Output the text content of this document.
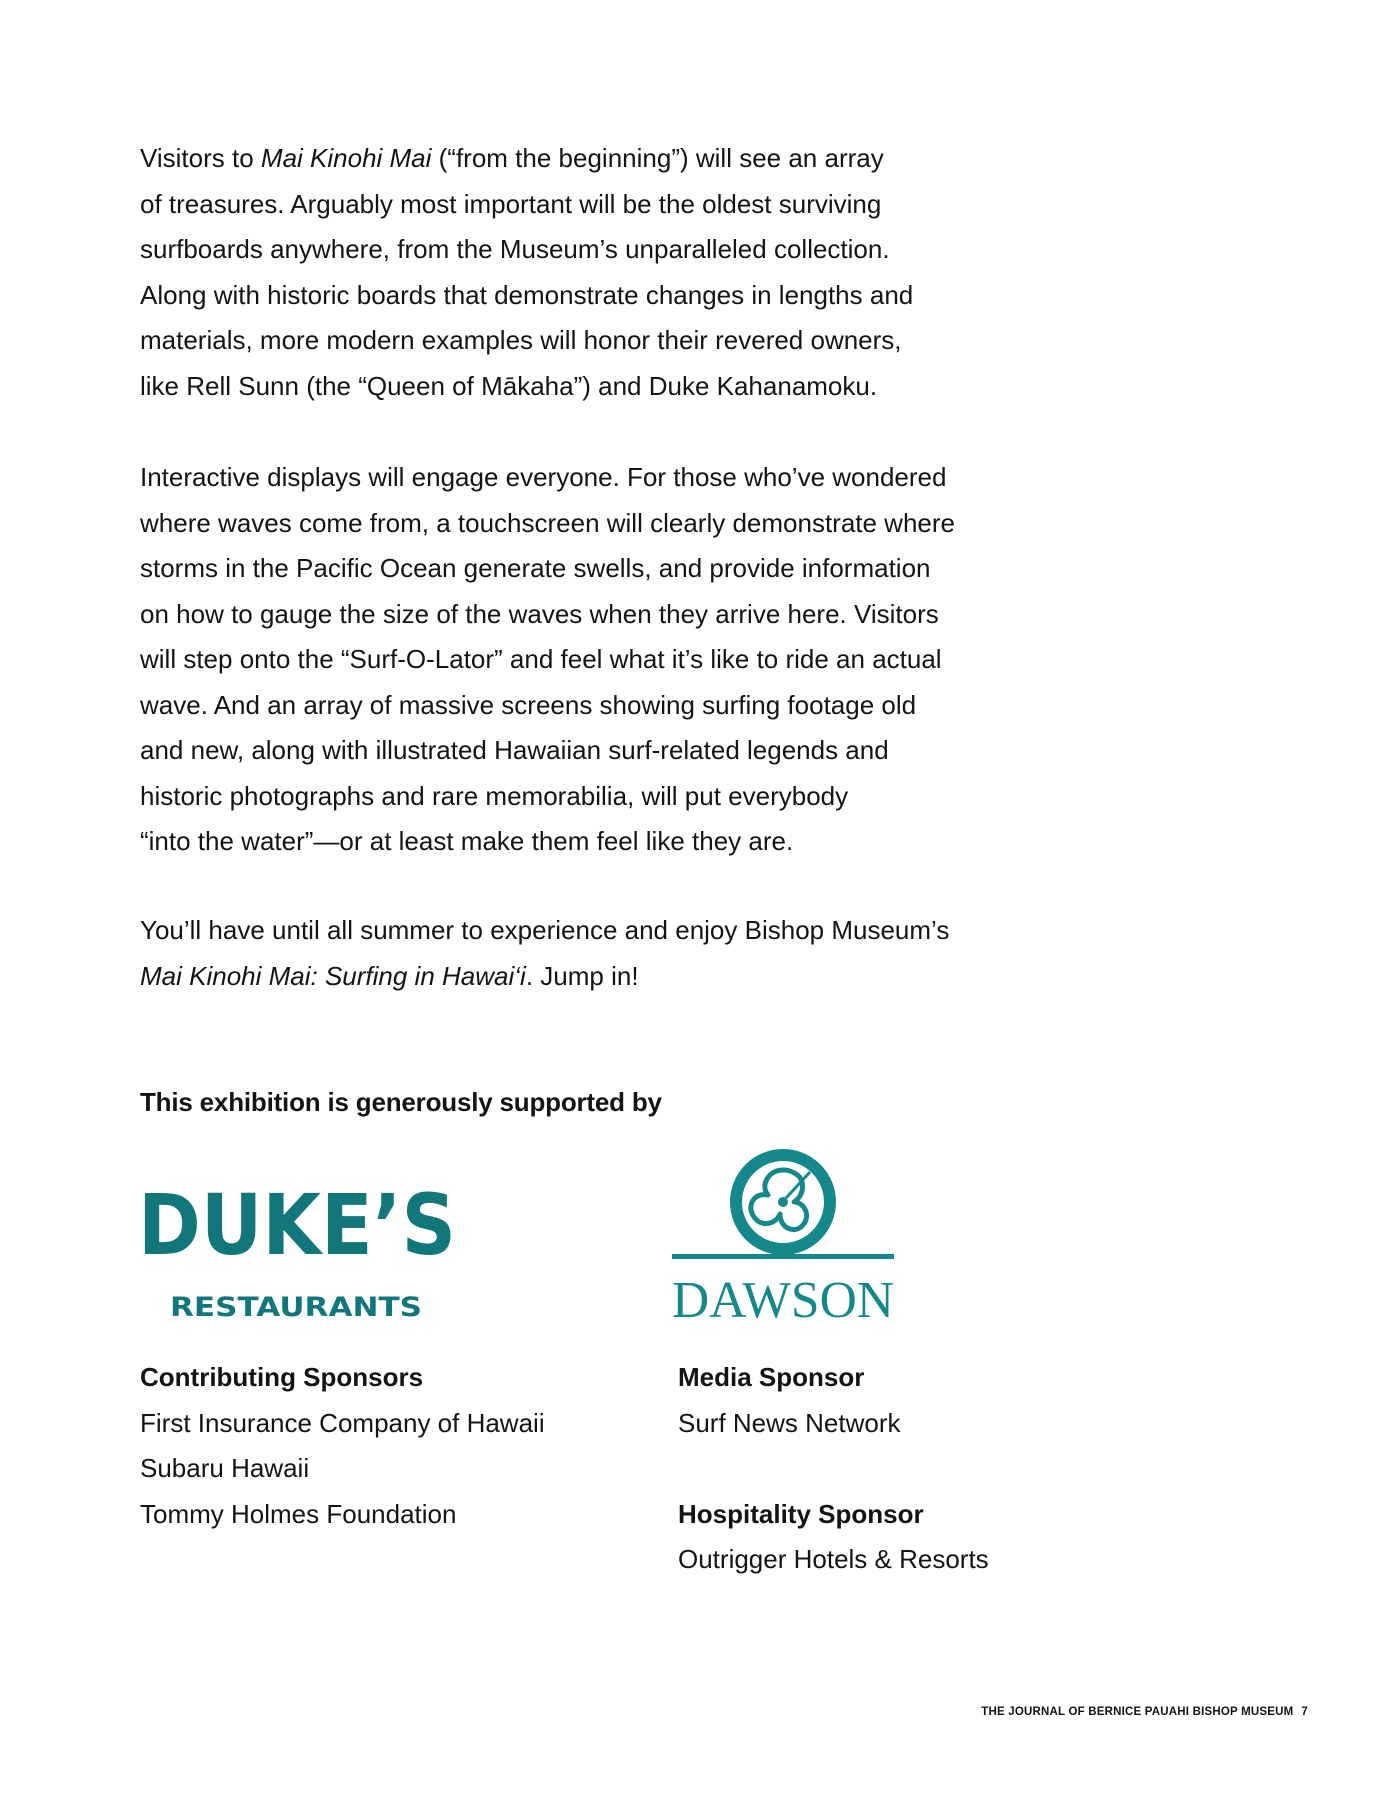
Visitors to Mai Kinohi Mai (“from the beginning”) will see an array
of treasures. Arguably most important will be the oldest surviving
surfboards anywhere, from the Museum’s unparalleled collection.
Along with historic boards that demonstrate changes in lengths and
materials, more modern examples will honor their revered owners,
like Rell Sunn (the “Queen of Mākaha”) and Duke Kahanamoku.

Interactive displays will engage everyone. For those who’ve wondered
where waves come from, a touchscreen will clearly demonstrate where
storms in the Pacific Ocean generate swells, and provide information
on how to gauge the size of the waves when they arrive here. Visitors
will step onto the “Surf-O-Lator” and feel what it’s like to ride an actual
wave. And an array of massive screens showing surfing footage old
and new, along with illustrated Hawaiian surf-related legends and
historic photographs and rare memorabilia, will put everybody
“into the water”—or at least make them feel like they are.

You’ll have until all summer to experience and enjoy Bishop Museum’s
Mai Kinohi Mai: Surfing in Hawai‘i. Jump in!

This exhibition is generously supported by
DUKE’S
RESTAURANTS	DAWSON
Contributing Sponsors
First Insurance Company of Hawaii
Subaru Hawaii
Tommy Holmes Foundation
Media Sponsor
Surf News Network
Hospitality Sponsor
Outrigger Hotels & Resorts
THE JOURNAL OF BERNICE PAUAHI BISHOP MUSEUM 7
